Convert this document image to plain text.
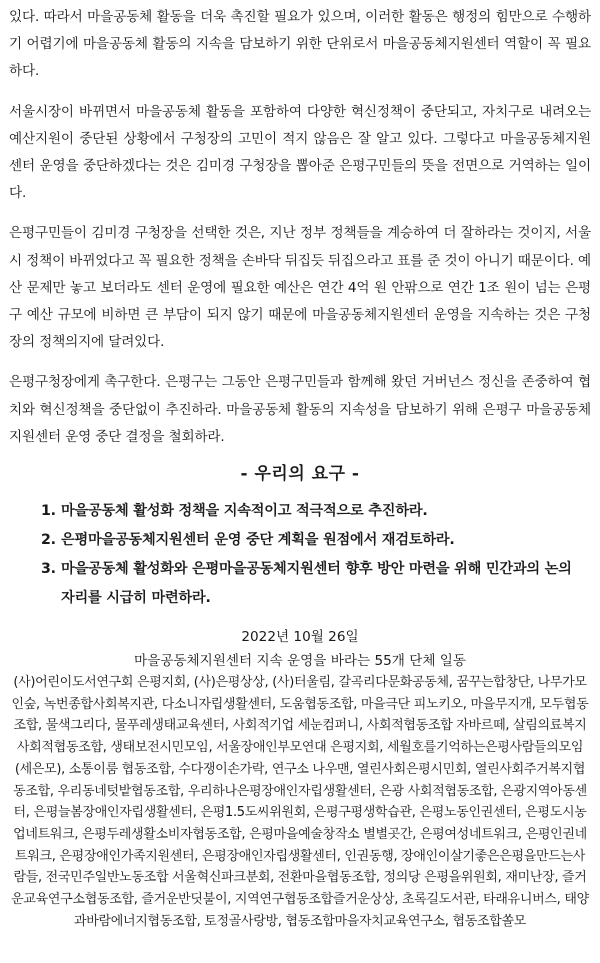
있다. 따라서 마을공동체 활동을 더욱 촉진할 필요가 있으며, 이러한 활동은 행정의 힘만으로 수행하기 어렵기에 마을공동체 활동의 지속을 담보하기 위한 단위로서 마을공동체지원센터 역할이 꼭 필요하다.

서울시장이 바뀌면서 마을공동체 활동을 포함하여 다양한 혁신정책이 중단되고, 자치구로 내려오는 예산지원이 중단된 상황에서 구청장의 고민이 적지 않음은 잘 알고 있다. 그렇다고 마을공동체지원센터 운영을 중단하겠다는 것은 김미경 구청장을 뽑아준 은평구민들의 뜻을 전면으로 거역하는 일이다.

은평구민들이 김미경 구청장을 선택한 것은, 지난 정부 정책들을 계승하여 더 잘하라는 것이지, 서울시 정책이 바뀌었다고 꼭 필요한 정책을 손바닥 뒤집듯 뒤집으라고 표를 준 것이 아니기 때문이다. 예산 문제만 놓고 보더라도 센터 운영에 필요한 예산은 연간 4억 원 안팎으로 연간 1조 원이 넘는 은평구 예산 규모에 비하면 큰 부담이 되지 않기 때문에 마을공동체지원센터 운영을 지속하는 것은 구청장의 정책의지에 달려있다.

은평구청장에게 촉구한다. 은평구는 그동안 은평구민들과 함께해 왔던 거버넌스 정신을 존중하여 협치와 혁신정책을 중단없이 추진하라. 마을공동체 활동의 지속성을 담보하기 위해 은평구 마을공동체지원센터 운영 중단 결정을 철회하라.

- 우리의 요구 -
1. 마을공동체 활성화 정책을 지속적이고 적극적으로 추진하라.
2. 은평마을공동체지원센터 운영 중단 계획을 원점에서 재검토하라.
3. 마을공동체 활성화와 은평마을공동체지원센터 향후 방안 마련을 위해 민간과의 논의 자리를 시급히 마련하라.
2022년 10월 26일
마을공동체지원센터 지속 운영을 바라는 55개 단체 일동

(사)어린이도서연구회 은평지회, (사)은평상상, (사)터울림, 갈곡리다문화공동체, 꿈꾸는합창단, 나무가모인숲, 녹번종합사회복지관, 다소니자립생활센터, 도움협동조합, 마을극단 피노키오, 마을무지개, 모두협동조합, 물색그리다, 물푸레생태교육센터, 사회적기업 세눈컴퍼니, 사회적협동조합 자바르떼, 살림의료복지사회적협동조합, 생태보전시민모임, 서울장애인부모연대 은평지회, 세월호를기억하는은평사람들의모임(세은모), 소통이룸 협동조합, 수다쟁이손가락, 연구소 나우맨, 열린사회은평시민회, 열린사회주거복지협동조합, 우리동네텃밭협동조합, 우리하나은평장애인자립생활센터, 은광 사회적협동조합, 은광지역아동센터, 은평늘봄장애인자립생활센터, 은평1.5도씨위원회, 은평구평생학습관, 은평노동인권센터, 은평도시농업네트워크, 은평두레생활소비자협동조합, 은평마을예술창작소 별별곳간, 은평여성네트워크, 은평인권네트워크, 은평장애인가족지원센터, 은평장애인자립생활센터, 인권동행, 장애인이살기좋은은평을만드는사람들, 전국민주일반노동조합 서울혁신파크분회, 전환마을협동조합, 정의당 은평을위원회, 재미난장, 즐거운교육연구소협동조합, 즐거운반딧불이, 지역연구협동조합즐거운상상, 초록길도서관, 타래유니버스, 태양과바람에너지협동조합, 토정골사랑방, 협동조합마을자치교육연구소, 협동조합쏠모
